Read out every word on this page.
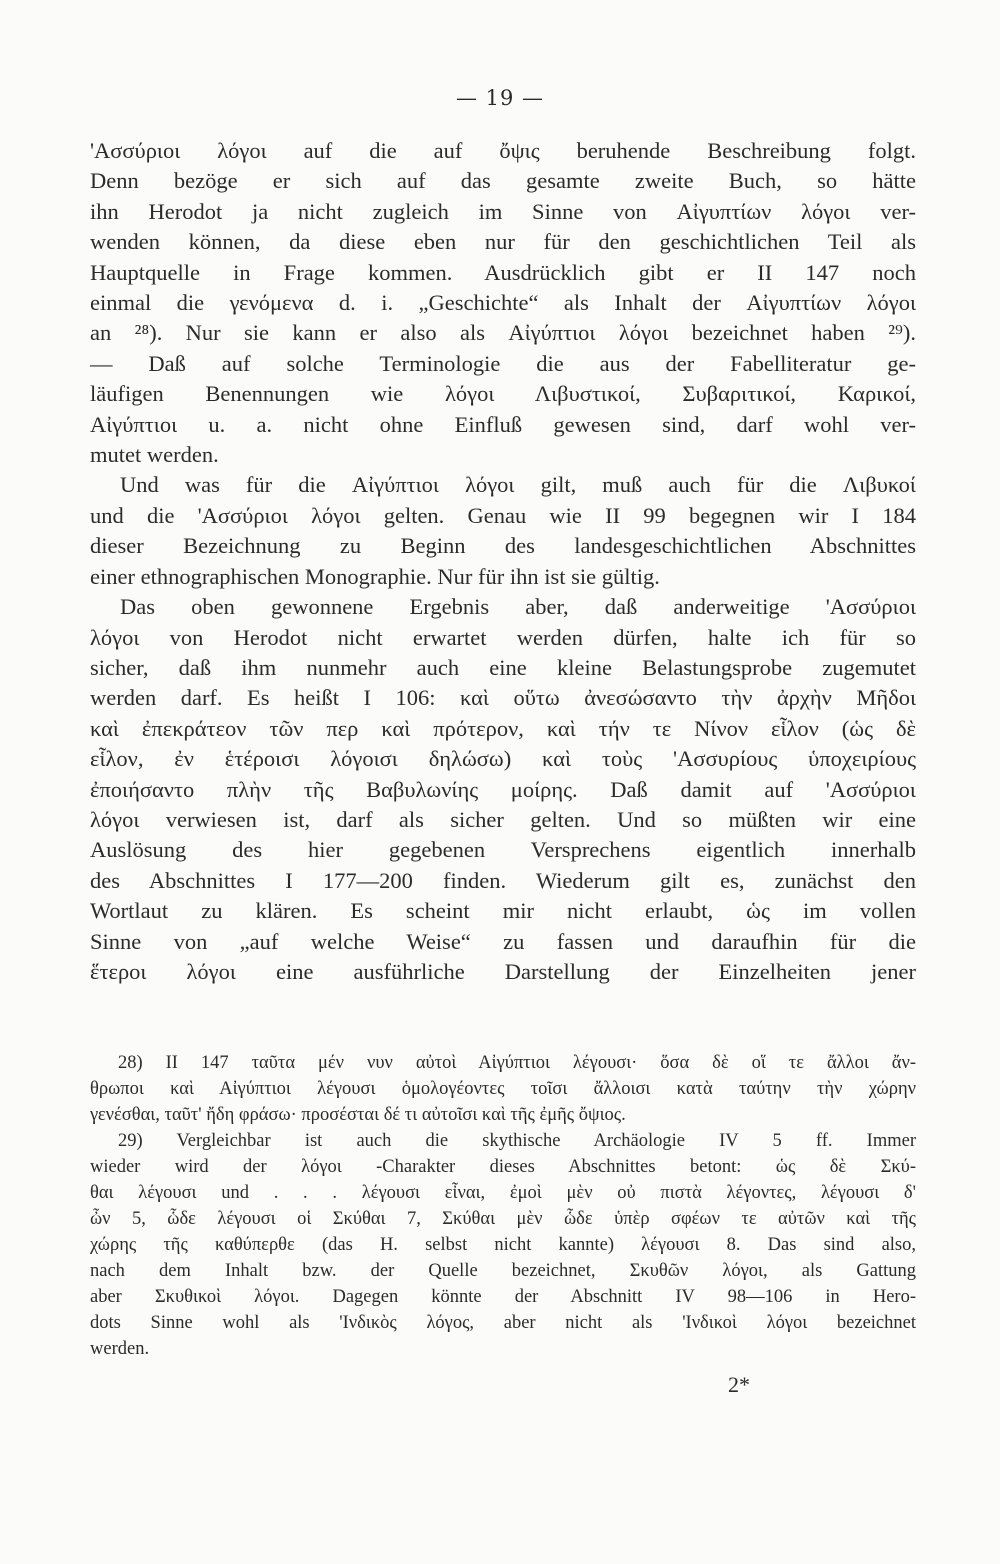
— 19 —
'Ασσύριοι λόγοι auf die auf ὄψις beruhende Beschreibung folgt.
Denn bezöge er sich auf das gesamte zweite Buch, so hätte
ihn Herodot ja nicht zugleich im Sinne von Αἰγυπτίων λόγοι ver-
wenden können, da diese eben nur für den geschichtlichen Teil als
Hauptquelle in Frage kommen. Ausdrücklich gibt er II 147 noch
einmal die γενόμενα d. i. „Geschichte“ als Inhalt der Αἰγυπτίων λόγοι
an ²⁸). Nur sie kann er also als Αἰγύπτιοι λόγοι bezeichnet haben ²⁹).
— Daß auf solche Terminologie die aus der Fabelliteratur ge-
läufigen Benennungen wie λόγοι Λιβυστικοί, Συβαριτικοί, Καρικοί,
Αἰγύπτιοι u. a. nicht ohne Einfluß gewesen sind, darf wohl ver-
mutet werden.
Und was für die Αἰγύπτιοι λόγοι gilt, muß auch für die Λιβυκοί
und die 'Ασσύριοι λόγοι gelten. Genau wie II 99 begegnen wir I 184
dieser Bezeichnung zu Beginn des landesgeschichtlichen Abschnittes
einer ethnographischen Monographie. Nur für ihn ist sie gültig.
Das oben gewonnene Ergebnis aber, daß anderweitige 'Ασσύριοι
λόγοι von Herodot nicht erwartet werden dürfen, halte ich für so
sicher, daß ihm nunmehr auch eine kleine Belastungsprobe zugemutet
werden darf. Es heißt I 106: καὶ οὕτω ἀνεσώσαντο τὴν ἀρχὴν Μῆδοι
καὶ ἐπεκράτεον τῶν περ καὶ πρότερον, καὶ τήν τε Νίνον εἷλον (ὡς δὲ
εἷλον, ἐν ἑτέροισι λόγοισι δηλώσω) καὶ τοὺς 'Ασσυρίους ὑποχειρίους
ἐποιήσαντο πλὴν τῆς Βαβυλωνίης μοίρης. Daß damit auf 'Ασσύριοι
λόγοι verwiesen ist, darf als sicher gelten. Und so müßten wir eine
Auslösung des hier gegebenen Versprechens eigentlich innerhalb
des Abschnittes I 177—200 finden. Wiederum gilt es, zunächst den
Wortlaut zu klären. Es scheint mir nicht erlaubt, ὡς im vollen
Sinne von „auf welche Weise“ zu fassen und daraufhin für die
ἕτεροι λόγοι eine ausführliche Darstellung der Einzelheiten jener
28) II 147 ταῦτα μέν νυν αὐτοὶ Αἰγύπτιοι λέγουσι· ὅσα δὲ οἵ τε ἄλλοι ἄν-
θρωποι καὶ Αἰγύπτιοι λέγουσι ὁμολογέοντες τοῖσι ἄλλοισι κατὰ ταύτην τὴν χώρην
γενέσθαι, ταῦτ' ἤδη φράσω· προσέσται δέ τι αὐτοῖσι καὶ τῆς ἐμῆς ὄψιος.
29) Vergleichbar ist auch die skythische Archäologie IV 5 ff. Immer
wieder wird der λόγοι -Charakter dieses Abschnittes betont: ὡς δὲ Σκύ-
θαι λέγουσι und . . . λέγουσι εἶναι, ἐμοὶ μὲν οὐ πιστὰ λέγοντες, λέγουσι δ'
ὦν 5, ὧδε λέγουσι οἱ Σκύθαι 7, Σκύθαι μὲν ὧδε ὑπὲρ σφέων τε αὐτῶν καὶ τῆς
χώρης τῆς καθύπερθε (das H. selbst nicht kannte) λέγουσι 8. Das sind also,
nach dem Inhalt bzw. der Quelle bezeichnet, Σκυθῶν λόγοι, als Gattung
aber Σκυθικοὶ λόγοι. Dagegen könnte der Abschnitt IV 98—106 in Hero-
dots Sinne wohl als 'Ινδικὸς λόγος, aber nicht als 'Ινδικοὶ λόγοι bezeichnet
werden.
2*
